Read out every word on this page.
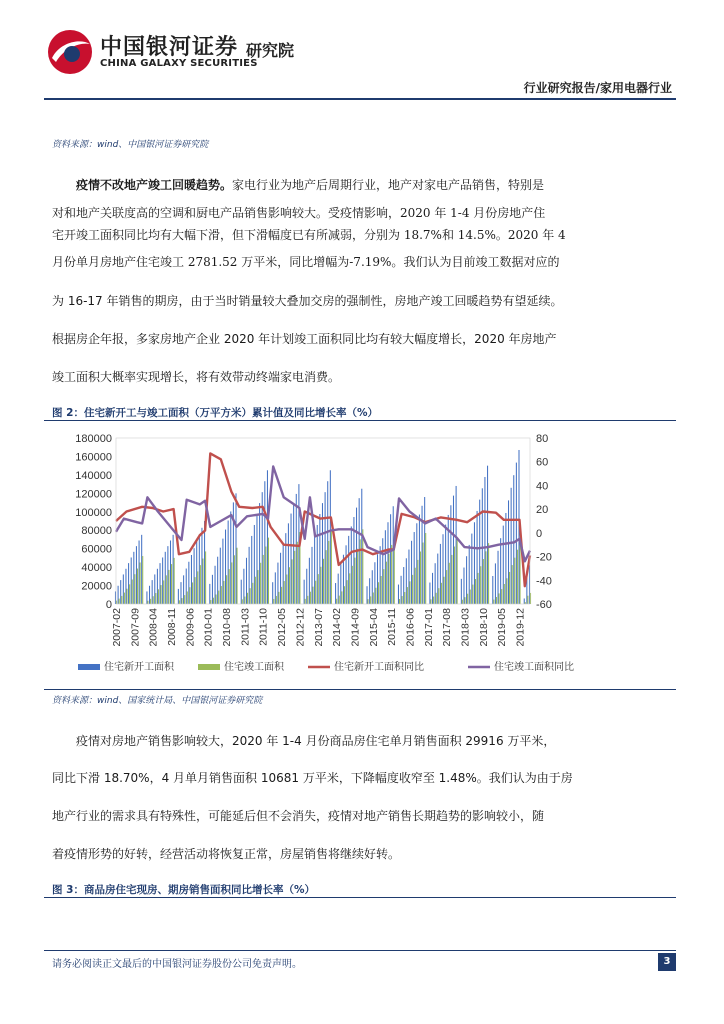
中国银河证券
CHINA GALAXY SECURITIES
研究院
行业研究报告/家用电器行业
资料来源：wind、中国银河证券研究院
疫情不改地产竣工回暖趋势。家电行业为地产后周期行业，地产对家电产品销售，特别是
对和地产关联度高的空调和厨电产品销售影响较大。受疫情影响，2020 年 1-4 月份房地产住
宅开竣工面积同比均有大幅下滑，但下滑幅度已有所减弱，分别为 18.7%和 14.5%。2020 年 4
月份单月房地产住宅竣工 2781.52 万平米，同比增幅为-7.19%。我们认为目前竣工数据对应的
为 16-17 年销售的期房，由于当时销量较大叠加交房的强制性，房地产竣工回暖趋势有望延续。
根据房企年报，多家房地产企业 2020 年计划竣工面积同比均有较大幅度增长，2020 年房地产
竣工面积大概率实现增长，将有效带动终端家电消费。
图 2：住宅新开工与竣工面积（万平方米）累计值及同比增长率（%）
180000
160000
140000
120000
100000
80000
60000
40000
20000
0
80
60
40
20
0
-20
-40
-60
2007-02 2007-09 2008-04 2008-11 2009-06 2010-01 2010-08 2011-03 2011-10 2012-05 2012-12 2013-07 2014-02 2014-09 2015-04 2015-11 2016-06 2017-01 2017-08 2018-03 2018-10 2019-05 2019-12
住宅新开工面积	住宅竣工面积	住宅新开工面积同比	住宅竣工面积同比
资料来源：wind、国家统计局、中国银河证券研究院
疫情对房地产销售影响较大，2020 年 1-4 月份商品房住宅单月销售面积 29916 万平米，
同比下滑 18.70%，4 月单月销售面积 10681 万平米，下降幅度收窄至 1.48%。我们认为由于房
地产行业的需求具有特殊性，可能延后但不会消失，疫情对地产销售长期趋势的影响较小，随
着疫情形势的好转，经营活动将恢复正常，房屋销售将继续好转。
图 3：商品房住宅现房、期房销售面积同比增长率（%）
请务必阅读正文最后的中国银河证券股份公司免责声明。	3
